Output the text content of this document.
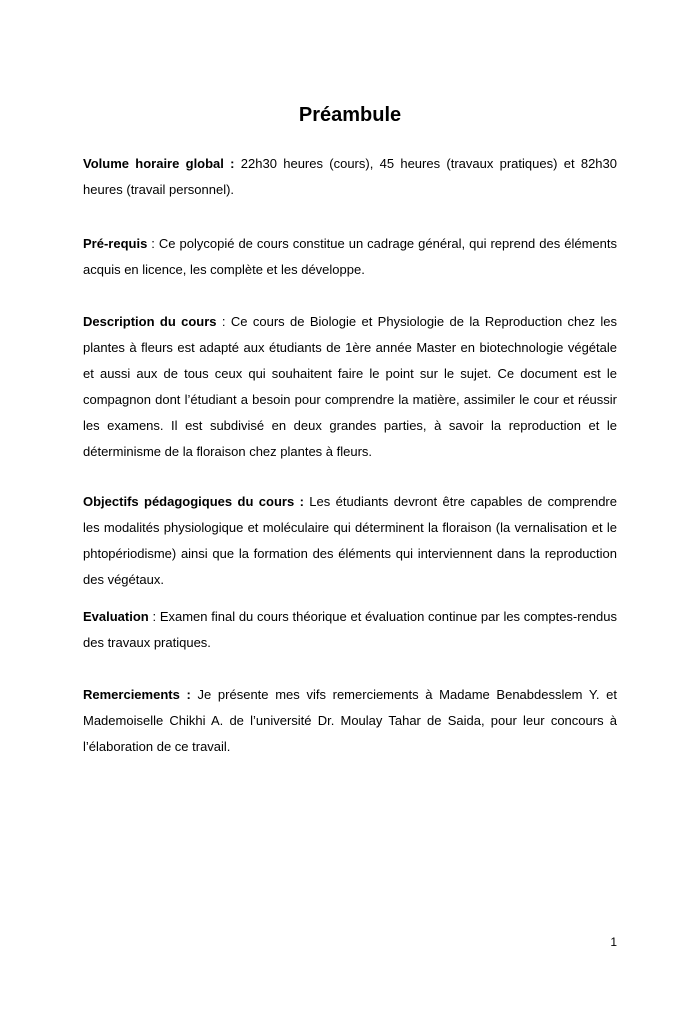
Préambule

Volume horaire global : 22h30 heures (cours), 45 heures (travaux pratiques) et 82h30 heures (travail personnel).

Pré-requis : Ce polycopié de cours constitue un cadrage général, qui reprend des éléments acquis en licence, les complète et les développe.

Description du cours : Ce cours de Biologie et Physiologie de la Reproduction chez les plantes à fleurs est adapté aux étudiants de 1ère année Master en biotechnologie végétale et aussi aux de tous ceux qui souhaitent faire le point sur le sujet. Ce document est le compagnon dont l’étudiant a besoin pour comprendre la matière, assimiler le cour et réussir les examens. Il est subdivisé en deux grandes parties, à savoir la reproduction et le déterminisme de la floraison chez plantes à fleurs.

Objectifs pédagogiques du cours : Les étudiants devront être capables de comprendre les modalités physiologique et moléculaire qui déterminent la floraison (la vernalisation et le phtopériodisme) ainsi que la formation des éléments qui interviennent dans la reproduction des végétaux.

Evaluation : Examen final du cours théorique et évaluation continue par les comptes-rendus des travaux pratiques.

Remerciements : Je présente mes vifs remerciements à Madame Benabdesslem Y. et Mademoiselle Chikhi A. de l’université Dr. Moulay Tahar de Saida, pour leur concours à l’élaboration de ce travail.

1
